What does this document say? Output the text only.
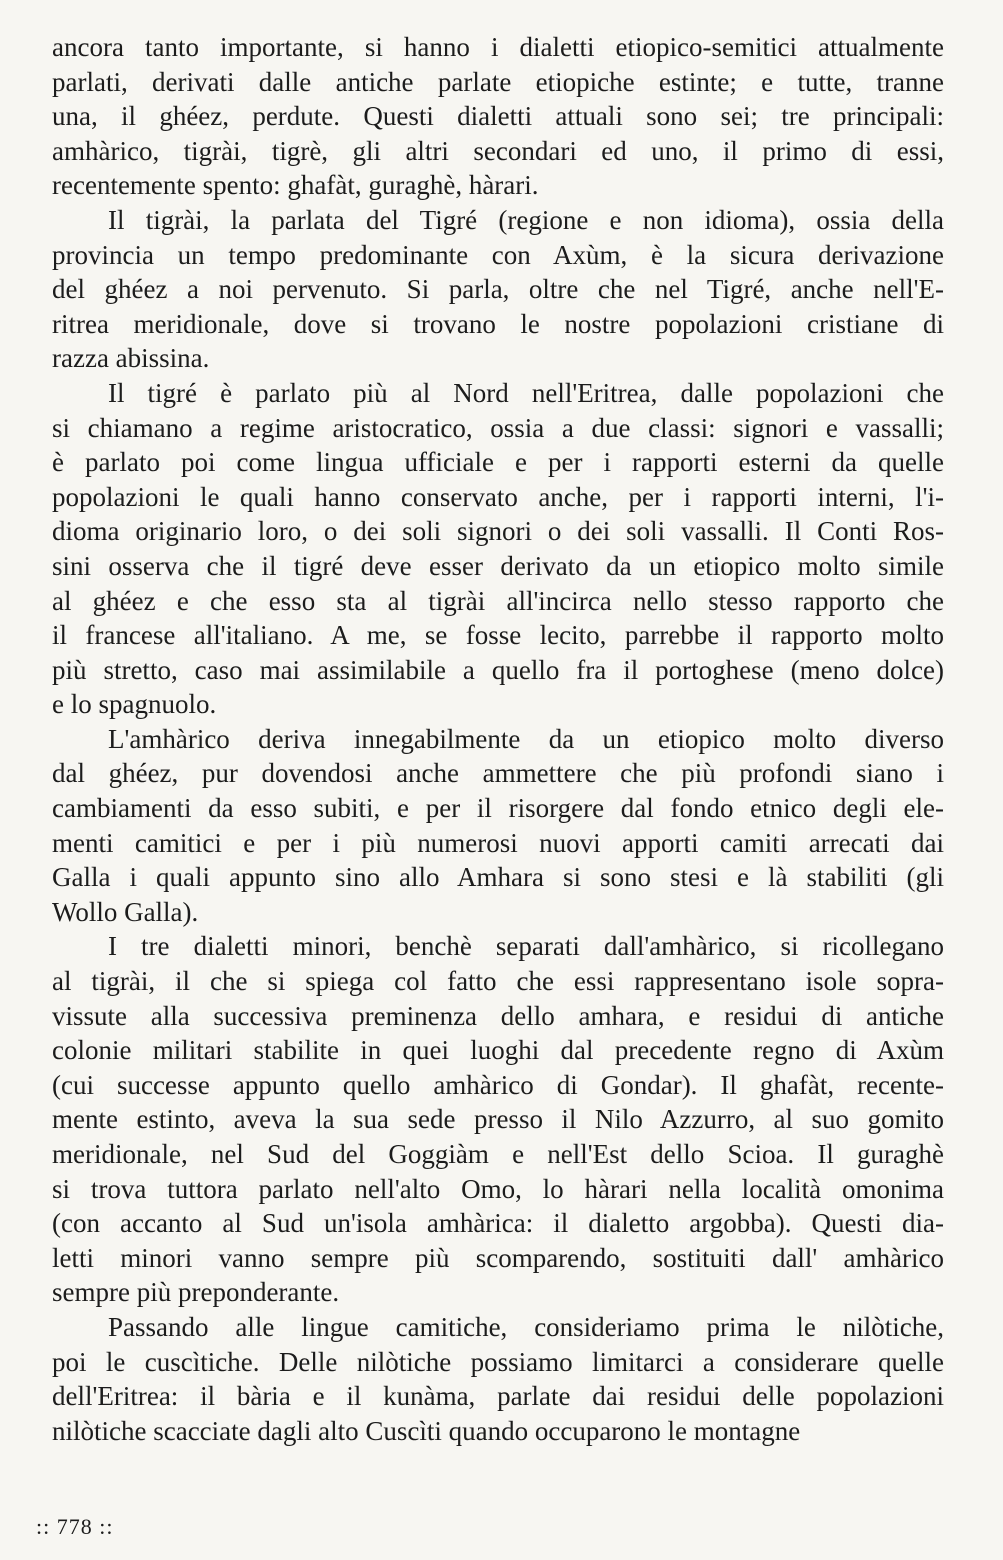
ancora tanto importante, si hanno i dialetti etiopico-semitici attualmente
parlati, derivati dalle antiche parlate etiopiche estinte; e tutte, tranne
una, il ghéez, perdute. Questi dialetti attuali sono sei; tre principali:
amhàrico, tigrài, tigrè, gli altri secondari ed uno, il primo di essi,
recentemente spento: ghafàt, guraghè, hàrari.
Il tigrài, la parlata del Tigré (regione e non idioma), ossia della
provincia un tempo predominante con Axùm, è la sicura derivazione
del ghéez a noi pervenuto. Si parla, oltre che nel Tigré, anche nell'E-
ritrea meridionale, dove si trovano le nostre popolazioni cristiane di
razza abissina.
Il tigré è parlato più al Nord nell'Eritrea, dalle popolazioni che
si chiamano a regime aristocratico, ossia a due classi: signori e vassalli;
è parlato poi come lingua ufficiale e per i rapporti esterni da quelle
popolazioni le quali hanno conservato anche, per i rapporti interni, l'i-
dioma originario loro, o dei soli signori o dei soli vassalli. Il Conti Ros-
sini osserva che il tigré deve esser derivato da un etiopico molto simile
al ghéez e che esso sta al tigrài all'incirca nello stesso rapporto che
il francese all'italiano. A me, se fosse lecito, parrebbe il rapporto molto
più stretto, caso mai assimilabile a quello fra il portoghese (meno dolce)
e lo spagnuolo.
L'amhàrico deriva innegabilmente da un etiopico molto diverso
dal ghéez, pur dovendosi anche ammettere che più profondi siano i
cambiamenti da esso subiti, e per il risorgere dal fondo etnico degli ele-
menti camitici e per i più numerosi nuovi apporti camiti arrecati dai
Galla i quali appunto sino allo Amhara si sono stesi e là stabiliti (gli
Wollo Galla).
I tre dialetti minori, benchè separati dall'amhàrico, si ricollegano
al tigrài, il che si spiega col fatto che essi rappresentano isole sopra-
vissute alla successiva preminenza dello amhara, e residui di antiche
colonie militari stabilite in quei luoghi dal precedente regno di Axùm
(cui successe appunto quello amhàrico di Gondar). Il ghafàt, recente-
mente estinto, aveva la sua sede presso il Nilo Azzurro, al suo gomito
meridionale, nel Sud del Goggiàm e nell'Est dello Scioa. Il guraghè
si trova tuttora parlato nell'alto Omo, lo hàrari nella località omonima
(con accanto al Sud un'isola amhàrica: il dialetto argobba). Questi dia-
letti minori vanno sempre più scomparendo, sostituiti dall' amhàrico
sempre più preponderante.
Passando alle lingue camitiche, consideriamo prima le nilòtiche,
poi le cuscìtiche. Delle nilòtiche possiamo limitarci a considerare quelle
dell'Eritrea: il bària e il kunàma, parlate dai residui delle popolazioni
nilòtiche scacciate dagli alto Cuscìti quando occuparono le montagne
:: 778 ::
